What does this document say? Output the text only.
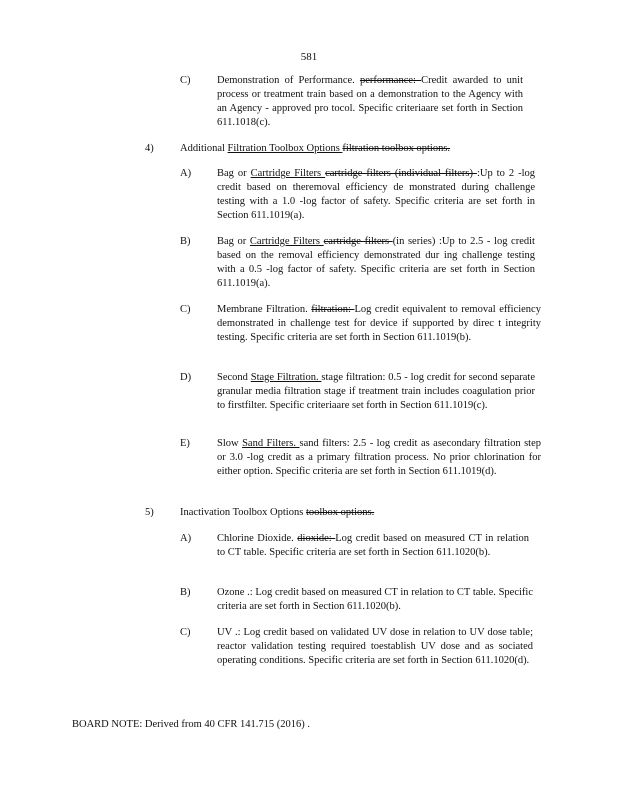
581
C)	Demonstration of Performance. performance: Credit awarded to unit process or treatment train based on a demonstration to the Agency with an Agency - approved pro tocol. Specific criteriaare set forth in Section 611.1018(c).
4)	Additional Filtration Toolbox Options filtration toolbox options.
A) Bag or Cartridge Filters cartridge filters (individual filters) :Up to 2 -log credit based on theremoval efficiency de monstrated during challenge testing with a 1.0 -log factor of safety. Specific criteria are set forth in Section 611.1019(a).
B)	Bag or Cartridge Filters cartridge filters (in series) :Up to 2.5 - log credit based on the removal efficiency demonstrated dur ing challenge testing with a 0.5 -log factor of safety. Specific criteria are set forth in Section 611.1019(a).
C)	Membrane Filtration. filtration: Log credit equivalent to removal efficiency demonstrated in challenge test for device if supported by direc t integrity testing. Specific criteria are set forth in Section 611.1019(b).
D) Second Stage Filtration. stage filtration: 0.5 - log credit for second separate granular media filtration stage if treatment train includes coagulation prior to firstfilter. Specific criteriaare set forth in Section 611.1019(c).
E)	Slow Sand Filters. sand filters: 2.5 - log credit as asecondary filtration step or 3.0 -log credit as a primary filtration process. No prior chlorination for either option. Specific criteria are set forth in Section 611.1019(d).
5)	Inactivation Toolbox Options toolbox options.
A) Chlorine Dioxide. dioxide: Log credit based on measured CT in relation to CT table. Specific criteria are set forth in Section 611.1020(b).
B)	Ozone .: Log credit based on measured CT in relation to CT table. Specific criteria are set forth in Section 611.1020(b).
C)	UV .: Log credit based on validated UV dose in relation to UV dose table; reactor validation testing required toestablish UV dose and as sociated operating conditions. Specific criteria are set forth in Section 611.1020(d).
BOARD NOTE: Derived from 40 CFR 141.715 (2016) .
